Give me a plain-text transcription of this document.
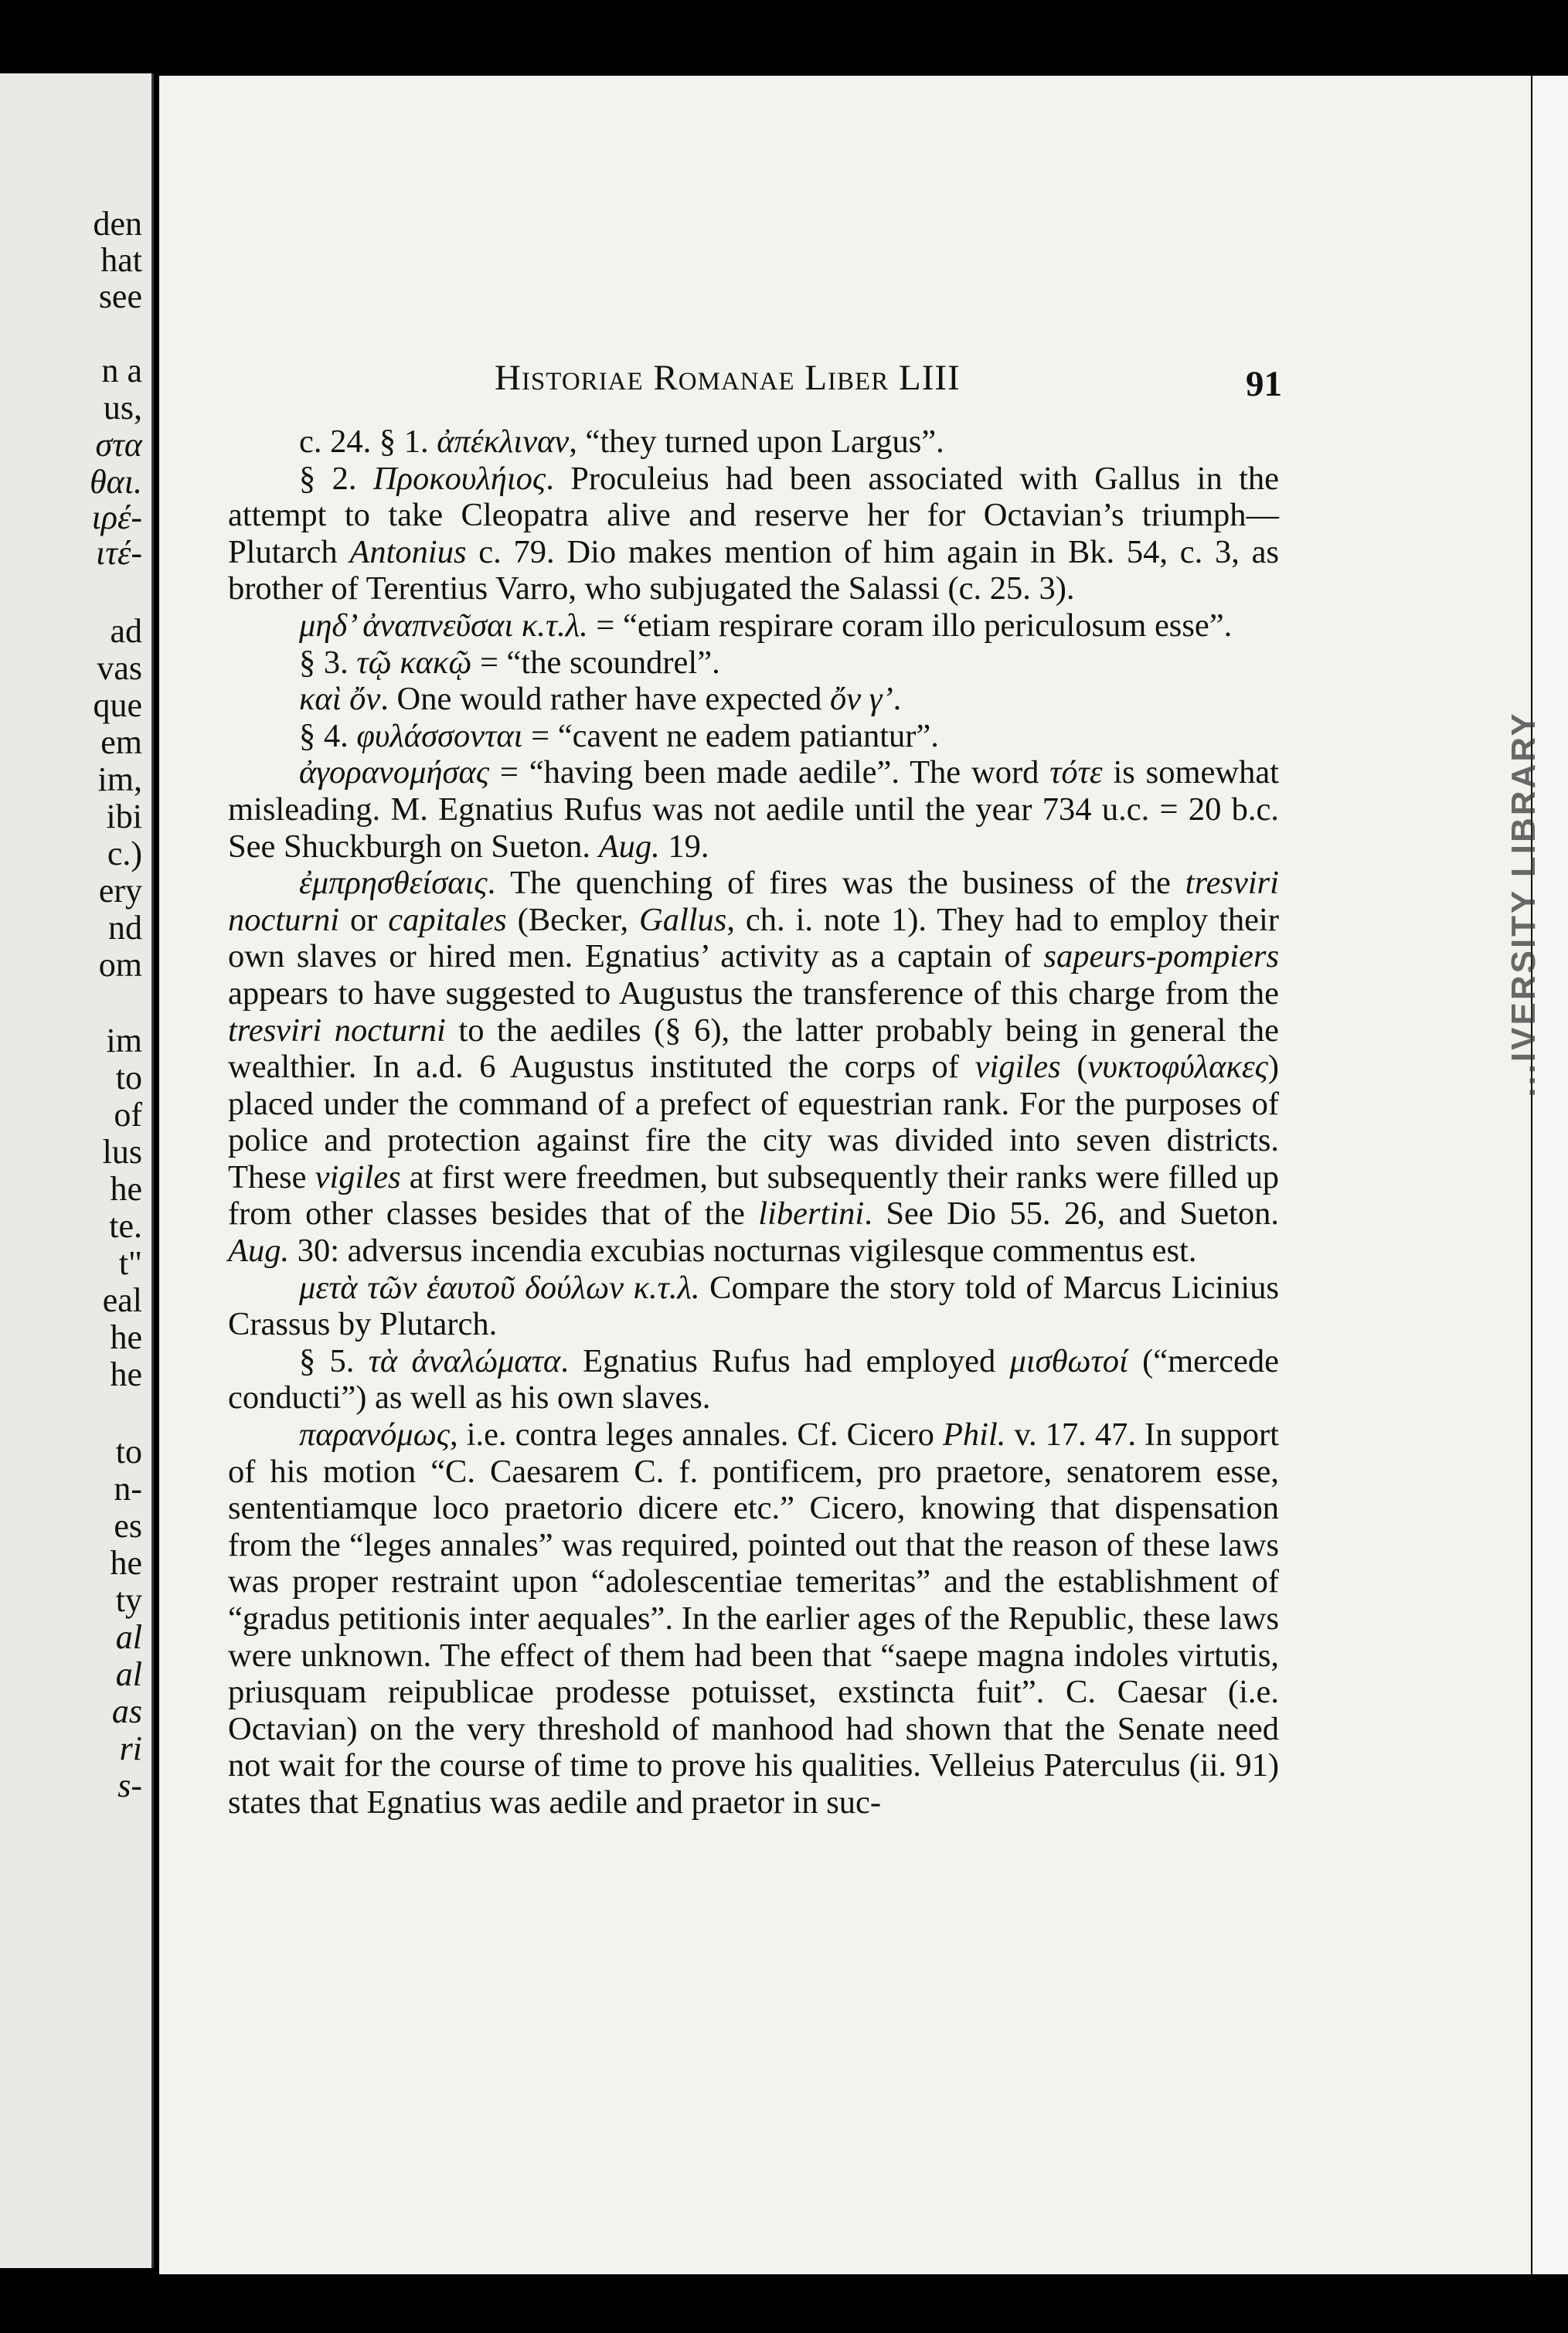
den
hat
see
n a
us,
στα
θαι.
ιρέ-
ιτέ-
ad
vas
que
em
im,
ibi
c.)
ery
nd
om
im
to
of
lus
he
te.
t"
eal
he
he
to
n-
es
he
ty
al
al
as
ri
s-
...IVERSITY LIBRARY
Historiae Romanae Liber LIII	91

c. 24. § 1. ἀπέκλιναν, “they turned upon Largus”.

§ 2. Προκουλήιος. Proculeius had been associated with Gallus in the attempt to take Cleopatra alive and reserve her for Octavian’s triumph—Plutarch Antonius c. 79. Dio makes mention of him again in Bk. 54, c. 3, as brother of Terentius Varro, who subjugated the Salassi (c. 25. 3).

μηδ’ ἀναπνεῦσαι κ.τ.λ. = “etiam respirare coram illo periculosum esse”.

§ 3. τῷ κακῷ = “the scoundrel”.

καὶ ὄν. One would rather have expected ὄν γ’.

§ 4. φυλάσσονται = “cavent ne eadem patiantur”.

ἀγορανομήσας = “having been made aedile”. The word τότε is somewhat misleading. M. Egnatius Rufus was not aedile until the year 734 u.c. = 20 b.c. See Shuckburgh on Sueton. Aug. 19.

ἐμπρησθείσαις. The quenching of fires was the business of the tresviri nocturni or capitales (Becker, Gallus, ch. i. note 1). They had to employ their own slaves or hired men. Egnatius’ activity as a captain of sapeurs-pompiers appears to have suggested to Augustus the transference of this charge from the tresviri nocturni to the aediles (§ 6), the latter probably being in general the wealthier. In a.d. 6 Augustus instituted the corps of vigiles (νυκτοφύλακες) placed under the command of a prefect of equestrian rank. For the purposes of police and protection against fire the city was divided into seven districts. These vigiles at first were freedmen, but subsequently their ranks were filled up from other classes besides that of the libertini. See Dio 55. 26, and Sueton. Aug. 30: adversus incendia excubias nocturnas vigilesque commentus est.

μετὰ τῶν ἑαυτοῦ δούλων κ.τ.λ. Compare the story told of Marcus Licinius Crassus by Plutarch.

§ 5. τὰ ἀναλώματα. Egnatius Rufus had employed μισθωτοί (“mercede conducti”) as well as his own slaves.

παρανόμως, i.e. contra leges annales. Cf. Cicero Phil. v. 17. 47. In support of his motion “C. Caesarem C. f. pontificem, pro praetore, senatorem esse, sententiamque loco praetorio dicere etc.” Cicero, knowing that dispensation from the “leges annales” was required, pointed out that the reason of these laws was proper restraint upon “adolescentiae temeritas” and the establishment of “gradus petitionis inter aequales”. In the earlier ages of the Republic, these laws were unknown. The effect of them had been that “saepe magna indoles virtutis, priusquam reipublicae prodesse potuisset, exstincta fuit”. C. Caesar (i.e. Octavian) on the very threshold of manhood had shown that the Senate need not wait for the course of time to prove his qualities. Velleius Paterculus (ii. 91) states that Egnatius was aedile and praetor in suc-
